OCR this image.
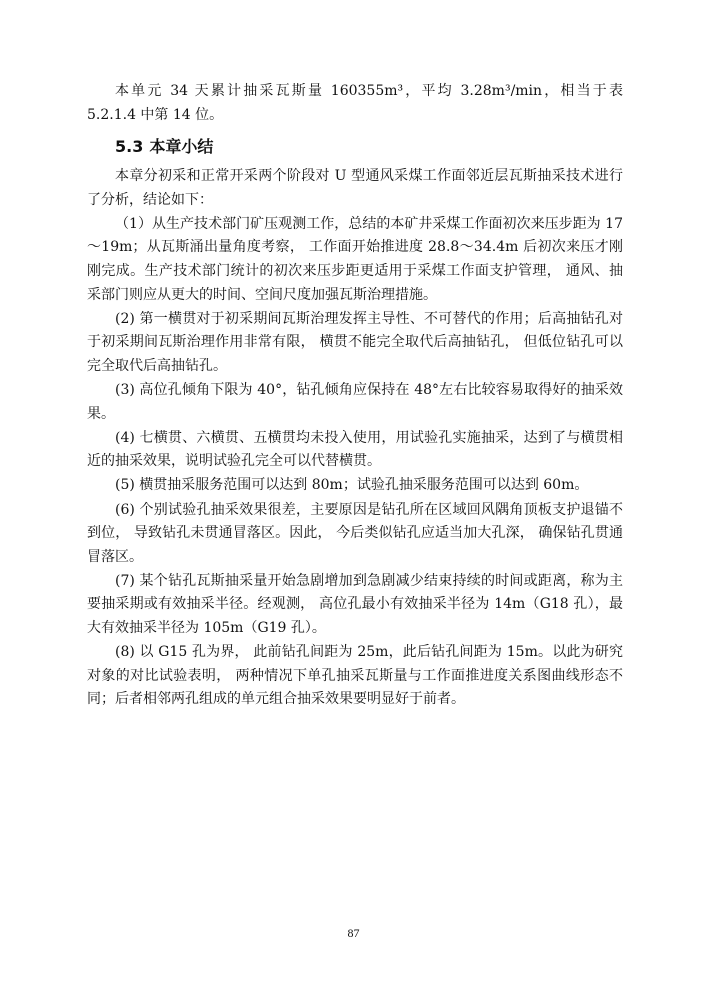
本单元 34 天累计抽采瓦斯量 160355m³，平均 3.28m³/min，相当于表 5.2.1.4 中第 14 位。

5.3 本章小结

本章分初采和正常开采两个阶段对 U 型通风采煤工作面邻近层瓦斯抽采技术进行了分析，结论如下：

（1）从生产技术部门矿压观测工作，总结的本矿井采煤工作面初次来压步距为 17～19m；从瓦斯涌出量角度考察， 工作面开始推进度 28.8～34.4m 后初次来压才刚刚完成。生产技术部门统计的初次来压步距更适用于采煤工作面支护管理， 通风、抽采部门则应从更大的时间、空间尺度加强瓦斯治理措施。

(2) 第一横贯对于初采期间瓦斯治理发挥主导性、不可替代的作用；后高抽钻孔对于初采期间瓦斯治理作用非常有限， 横贯不能完全取代后高抽钻孔， 但低位钻孔可以完全取代后高抽钻孔。

(3) 高位孔倾角下限为 40°，钻孔倾角应保持在 48°左右比较容易取得好的抽采效果。

(4) 七横贯、六横贯、五横贯均未投入使用，用试验孔实施抽采，达到了与横贯相近的抽采效果，说明试验孔完全可以代替横贯。

(5) 横贯抽采服务范围可以达到 80m；试验孔抽采服务范围可以达到 60m。

(6) 个别试验孔抽采效果很差，主要原因是钻孔所在区域回风隅角顶板支护退锚不到位， 导致钻孔未贯通冒落区。因此， 今后类似钻孔应适当加大孔深， 确保钻孔贯通冒落区。

(7) 某个钻孔瓦斯抽采量开始急剧增加到急剧减少结束持续的时间或距离，称为主要抽采期或有效抽采半径。经观测， 高位孔最小有效抽采半径为 14m（G18 孔），最大有效抽采半径为 105m（G19 孔）。

(8) 以 G15 孔为界， 此前钻孔间距为 25m，此后钻孔间距为 15m。以此为研究对象的对比试验表明， 两种情况下单孔抽采瓦斯量与工作面推进度关系图曲线形态不同；后者相邻两孔组成的单元组合抽采效果要明显好于前者。

87
